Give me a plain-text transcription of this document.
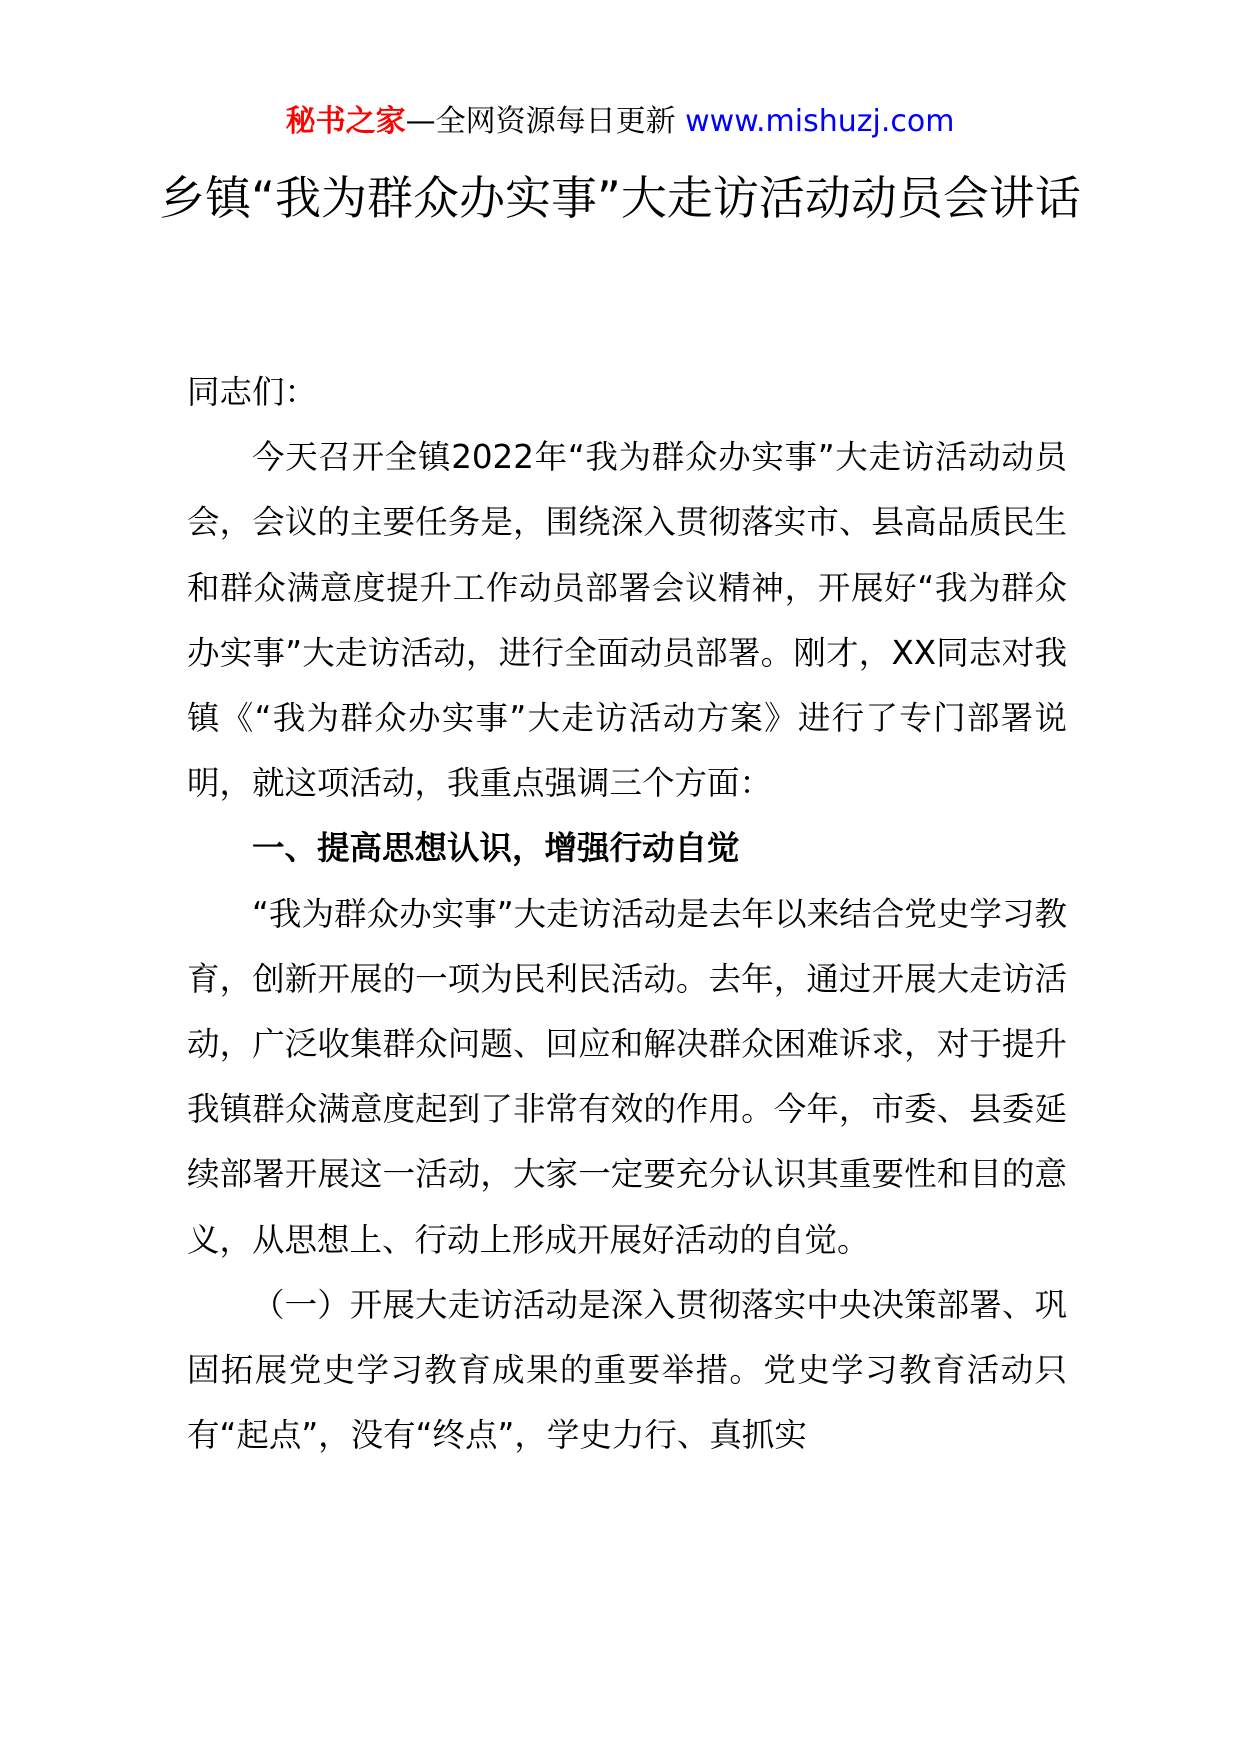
秘书之家—全网资源每日更新 www.mishuzj.com
乡镇“我为群众办实事”大走访活动动员会讲话

同志们：

今天召开全镇2022年“我为群众办实事”大走访活动动员会，会议的主要任务是，围绕深入贯彻落实市、县高品质民生和群众满意度提升工作动员部署会议精神，开展好“我为群众办实事”大走访活动，进行全面动员部署。刚才，XX同志对我镇《“我为群众办实事”大走访活动方案》进行了专门部署说明，就这项活动，我重点强调三个方面：

一、提高思想认识，增强行动自觉

“我为群众办实事”大走访活动是去年以来结合党史学习教育，创新开展的一项为民利民活动。去年，通过开展大走访活动，广泛收集群众问题、回应和解决群众困难诉求，对于提升我镇群众满意度起到了非常有效的作用。今年，市委、县委延续部署开展这一活动，大家一定要充分认识其重要性和目的意义，从思想上、行动上形成开展好活动的自觉。

（一）开展大走访活动是深入贯彻落实中央决策部署、巩固拓展党史学习教育成果的重要举措。党史学习教育活动只有“起点”，没有“终点”，学史力行、真抓实
